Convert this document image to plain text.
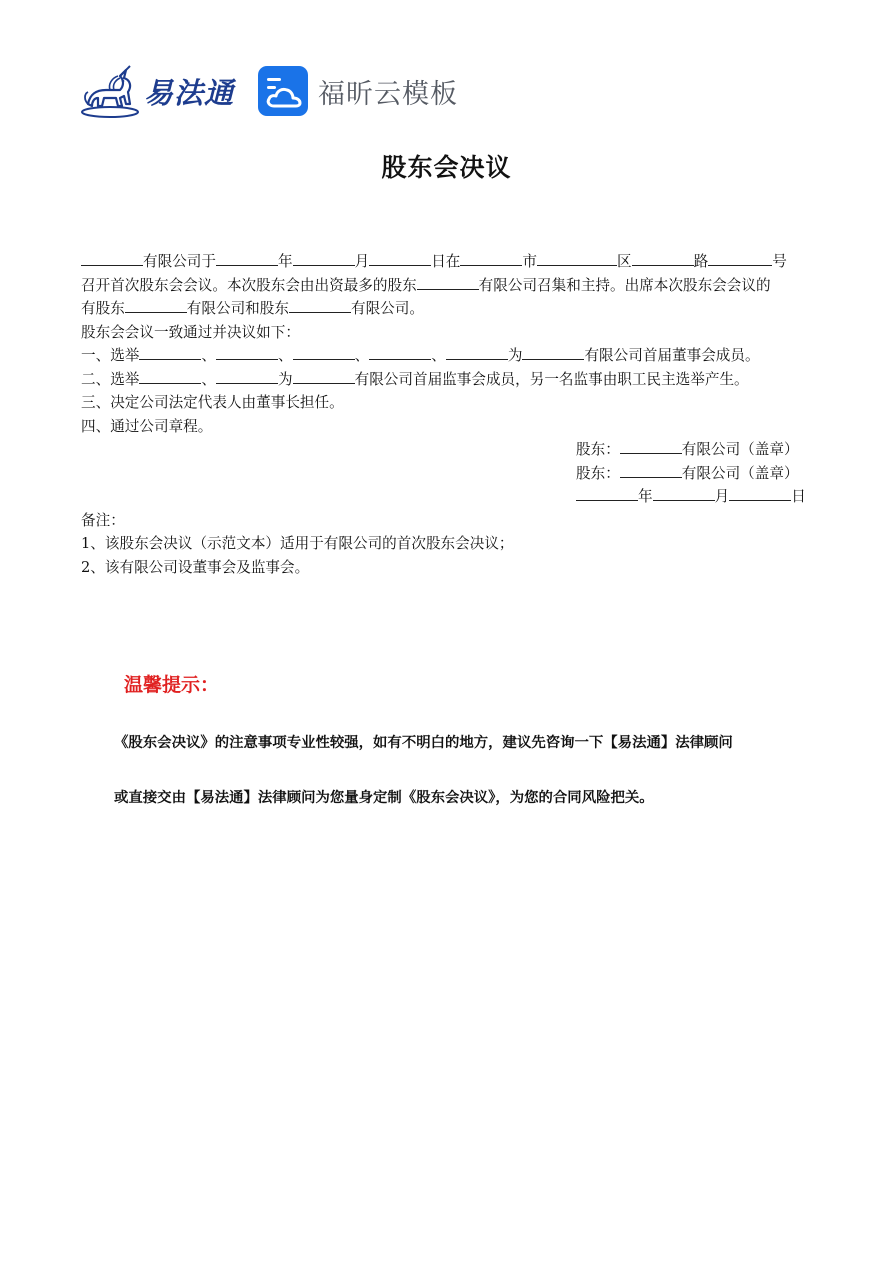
易法通	福昕云模板
股东会决议
有限公司于	年	月	日在	市	区	路	号
召开首次股东会会议。本次股东会由出资最多的股东	有限公司召集和主持。出席本次股东会会议的
有股东	有限公司和股东	有限公司。
股东会会议一致通过并决议如下：
一、选举	、	、	、	、	为	有限公司首届董事会成员。
二、选举	、	为	有限公司首届监事会成员，另一名监事由职工民主选举产生。
三、决定公司法定代表人由董事长担任。
四、通过公司章程。
股东：	有限公司（盖章）
股东：	有限公司（盖章）
年	月	日
备注：
1、该股东会决议（示范文本）适用于有限公司的首次股东会决议；
2、该有限公司设董事会及监事会。
温馨提示：
《股东会决议》的注意事项专业性较强，如有不明白的地方，建议先咨询一下【易法通】法律顾问
或直接交由【易法通】法律顾问为您量身定制《股东会决议》，为您的合同风险把关。
